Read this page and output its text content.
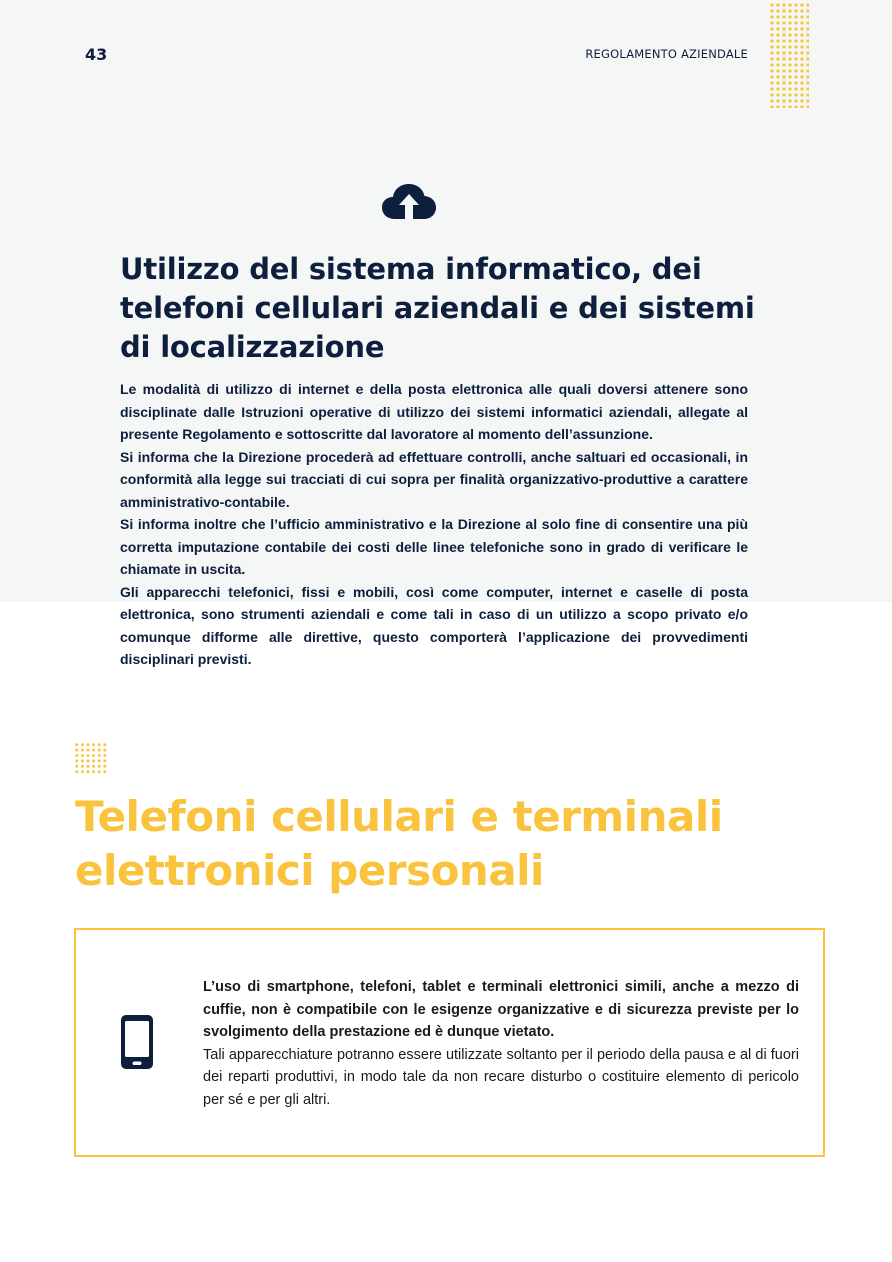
43	REGOLAMENTO AZIENDALE
Utilizzo del sistema informatico, dei telefoni cellulari aziendali e dei sistemi di localizzazione

Le modalità di utilizzo di internet e della posta elettronica alle quali doversi attenere sono disciplinate dalle Istruzioni operative di utilizzo dei sistemi informatici aziendali, allegate al presente Regolamento e sottoscritte dal lavoratore al momento dell’assunzione.

Si informa che la Direzione procederà ad effettuare controlli, anche saltuari ed occasionali, in conformità alla legge sui tracciati di cui sopra per finalità organizzativo-produttive a carattere amministrativo-contabile.

Si informa inoltre che l’ufficio amministrativo e la Direzione al solo fine di consentire una più corretta imputazione contabile dei costi delle linee telefoniche sono in grado di verificare le chiamate in uscita.

Gli apparecchi telefonici, fissi e mobili, così come computer, internet e caselle di posta elettronica, sono strumenti aziendali e come tali in caso di un utilizzo a scopo privato e/o comunque difforme alle direttive, questo comporterà l’applicazione dei provvedimenti disciplinari previsti.

Telefoni cellulari e terminali elettronici personali

L’uso di smartphone, telefoni, tablet e terminali elettronici simili, anche a mezzo di cuffie, non è compatibile con le esigenze organizzative e di sicurezza previste per lo svolgimento della prestazione ed è dunque vietato.

Tali apparecchiature potranno essere utilizzate soltanto per il periodo della pausa e al di fuori dei reparti produttivi, in modo tale da non recare disturbo o costituire elemento di pericolo per sé e per gli altri.
